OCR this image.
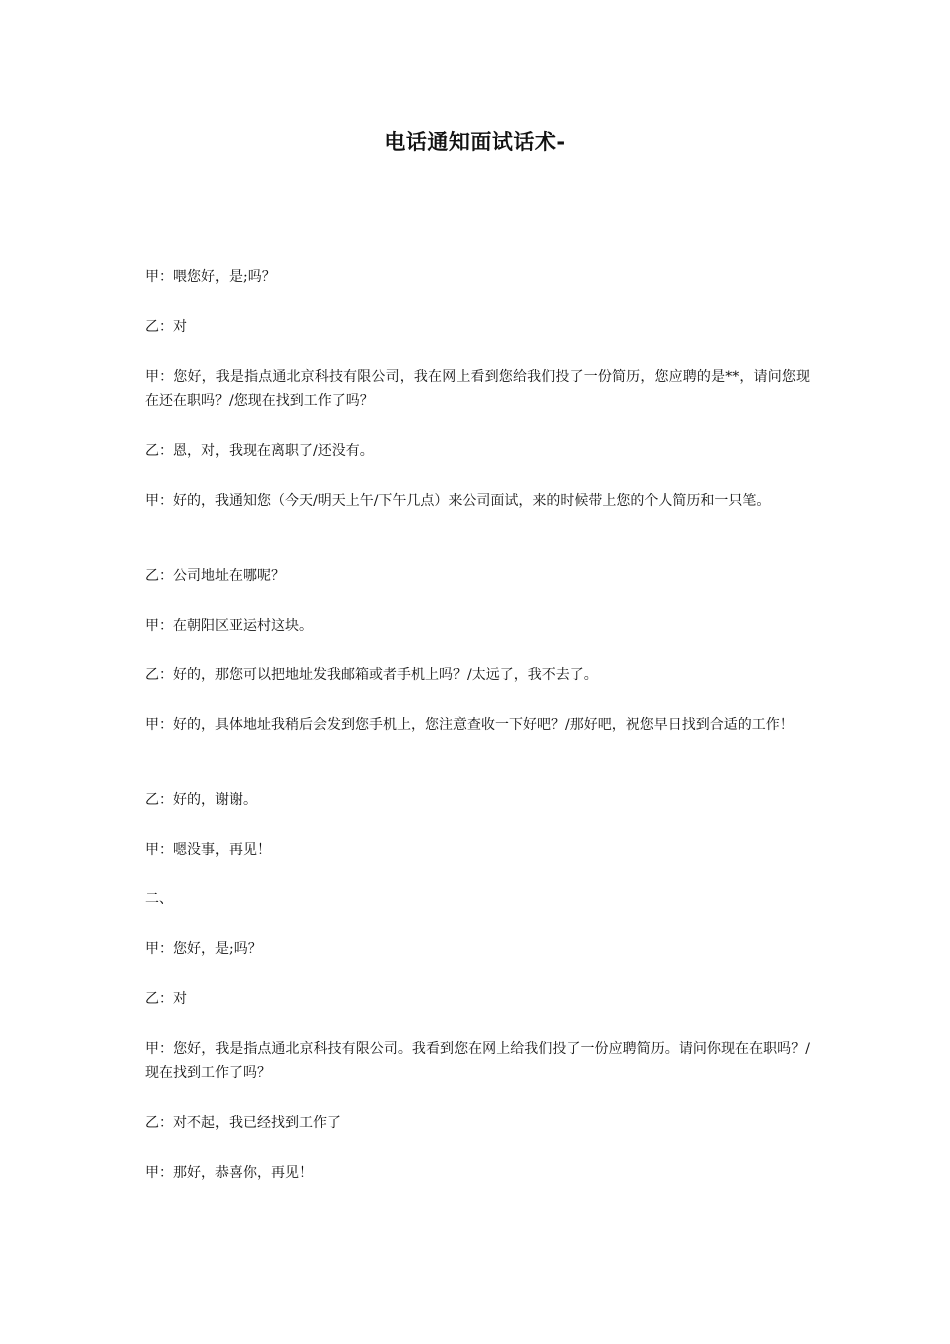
电话通知面试话术-

甲：喂您好，是;吗？

乙：对

甲：您好，我是指点通北京科技有限公司，我在网上看到您给我们投了一份简历，您应聘的是**，请问您现在还在职吗？/您现在找到工作了吗？

乙：恩，对，我现在离职了/还没有。

甲：好的，我通知您（今天/明天上午/下午几点）来公司面试，来的时候带上您的个人简历和一只笔。

乙：公司地址在哪呢？

甲：在朝阳区亚运村这块。

乙：好的，那您可以把地址发我邮箱或者手机上吗？/太远了，我不去了。

甲：好的，具体地址我稍后会发到您手机上，您注意查收一下好吧？/那好吧，祝您早日找到合适的工作！

乙：好的，谢谢。

甲：嗯没事，再见！

二、

甲：您好，是;吗？

乙：对

甲：您好，我是指点通北京科技有限公司。我看到您在网上给我们投了一份应聘简历。请问你现在在职吗？/现在找到工作了吗？

乙：对不起，我已经找到工作了

甲：那好，恭喜你，再见！
